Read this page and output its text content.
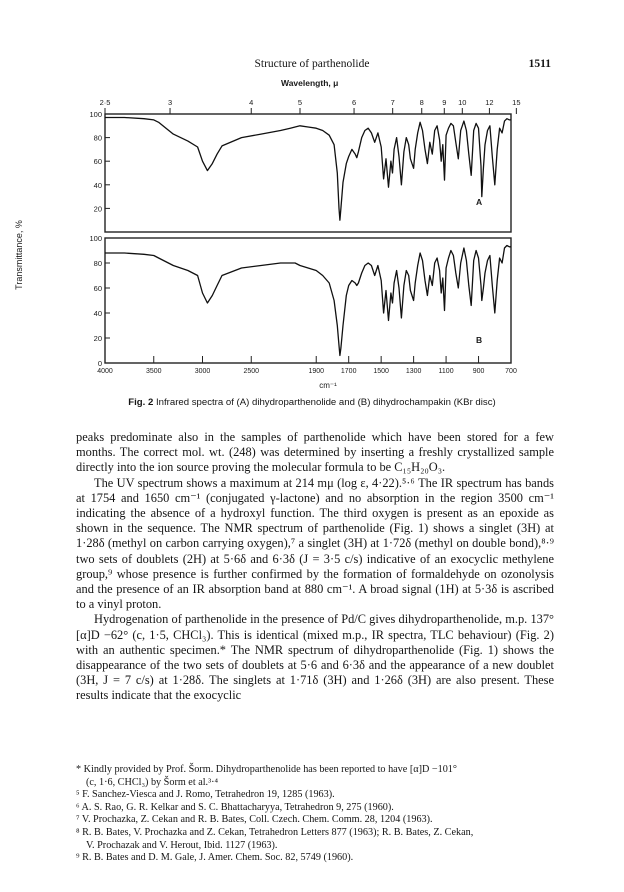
Structure of parthenolide	1511
Wavelength, μ
2·5	3	4	5	6	7	8 9 10	12 15
100
80
60
40
20
100
80
60
40
20
0
4000	3500	3000	2500	1900 1700 1500 1300 1100	900	700
Transmittance, %
cm⁻¹
A
B
Fig. 2 Infrared spectra of (A) dihydroparthenolide and (B) dihydrochampakin (KBr disc)

peaks predominate also in the samples of parthenolide which have been stored for a few months. The correct mol. wt. (248) was determined by inserting a freshly crystallized sample directly into the ion source proving the molecular formula to be C₁₅H₂₀O₃.

The UV spectrum shows a maximum at 214 mμ (log ε, 4·22).⁵·⁶ The IR spectrum has bands at 1754 and 1650 cm⁻¹ (conjugated γ-lactone) and no absorption in the region 3500 cm⁻¹ indicating the absence of a hydroxyl function. The third oxygen is present as an epoxide as shown in the sequence. The NMR spectrum of parthenolide (Fig. 1) shows a singlet (3H) at 1·28δ (methyl on carbon carrying oxygen),⁷ a singlet (3H) at 1·72δ (methyl on double bond),⁸·⁹ two sets of doublets (2H) at 5·6δ and 6·3δ (J = 3·5 c/s) indicative of an exocyclic methylene group,⁹ whose presence is further confirmed by the formation of formaldehyde on ozonolysis and the presence of an IR absorption band at 880 cm⁻¹. A broad signal (1H) at 5·3δ is ascribed to a vinyl proton.

Hydrogenation of parthenolide in the presence of Pd/C gives dihydroparthenolide, m.p. 137° [α]D −62° (c, 1·5, CHCl₃). This is identical (mixed m.p., IR spectra, TLC behaviour) (Fig. 2) with an authentic specimen.* The NMR spectrum of dihydroparthenolide (Fig. 1) shows the disappearance of the two sets of doublets at 5·6 and 6·3δ and the appearance of a new doublet (3H, J = 7 c/s) at 1·28δ. The singlets at 1·71δ (3H) and 1·26δ (3H) are also present. These results indicate that the exocyclic

* Kindly provided by Prof. Šorm. Dihydroparthenolide has been reported to have [α]D −101°
(c, 1·6, CHCl₃) by Šorm et al.³·⁴
⁵ F. Sanchez-Viesca and J. Romo, Tetrahedron 19, 1285 (1963).
⁶ A. S. Rao, G. R. Kelkar and S. C. Bhattacharyya, Tetrahedron 9, 275 (1960).
⁷ V. Prochazka, Z. Cekan and R. B. Bates, Coll. Czech. Chem. Comm. 28, 1204 (1963).
⁸ R. B. Bates, V. Prochazka and Z. Cekan, Tetrahedron Letters 877 (1963); R. B. Bates, Z. Cekan,
V. Prochazak and V. Herout, Ibid. 1127 (1963).
⁹ R. B. Bates and D. M. Gale, J. Amer. Chem. Soc. 82, 5749 (1960).
